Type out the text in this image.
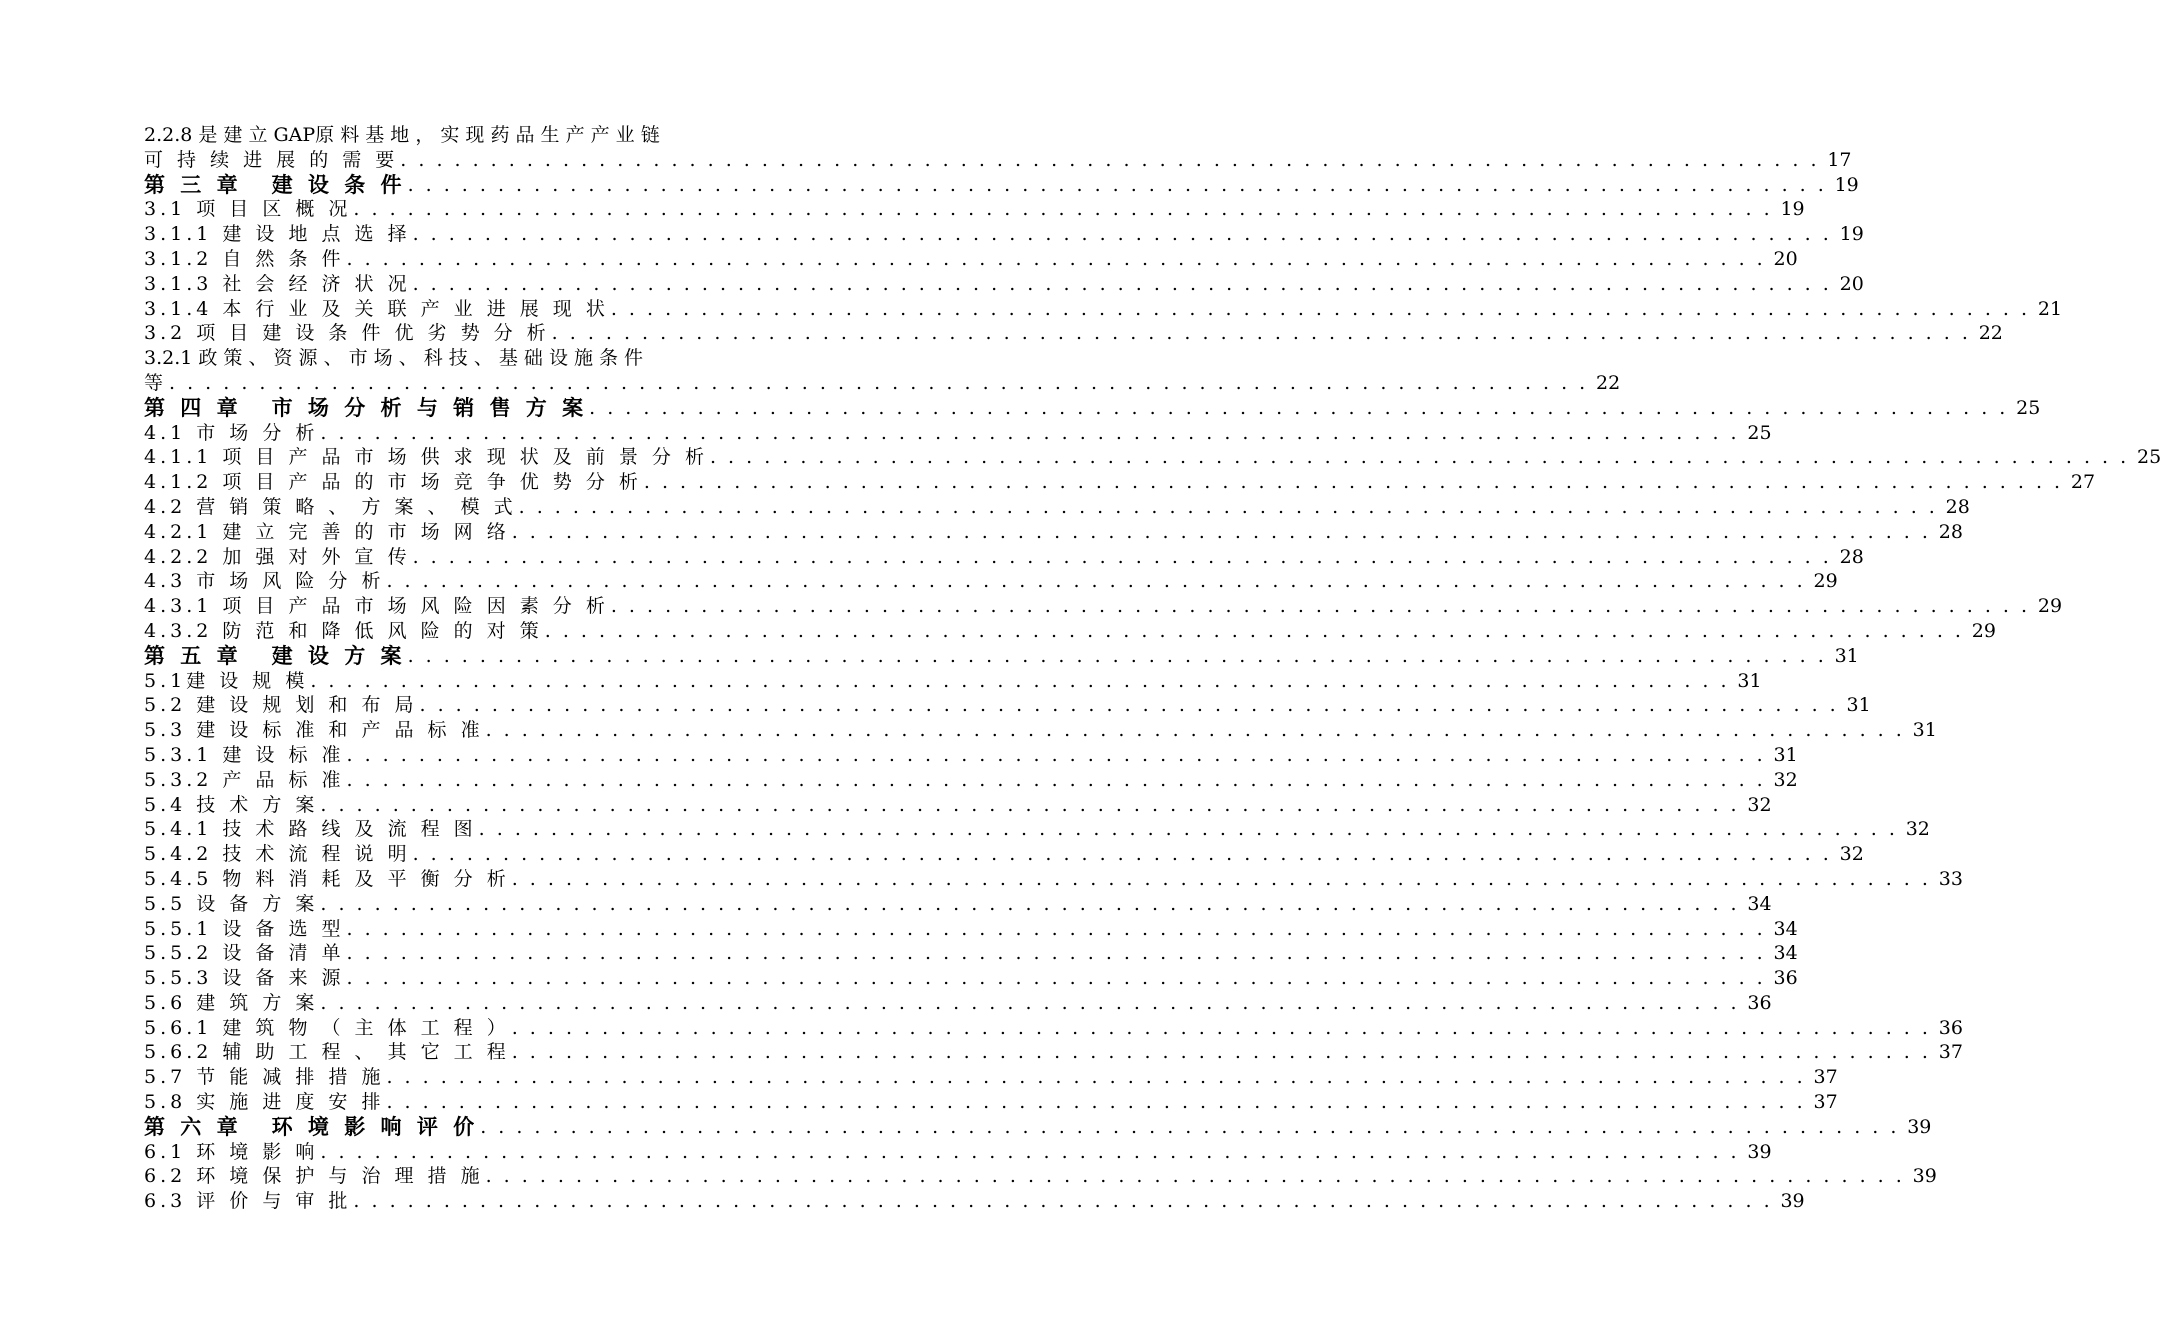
2.2.8 是 建 立 GAP原 料 基 地 ， 实 现 药 品 生 产 产 业 链
可 持 续 进 展 的 需 要 . . . . . . . . . . . . . . . . . . . . . . . . . . . . . . . . . . . . . . . . . . . . . . . . . . . . . . . . . . . . . . . . . . . . . . . . . . . . . . . 17
第 三 章 建 设 条 件 . . . . . . . . . . . . . . . . . . . . . . . . . . . . . . . . . . . . . . . . . . . . . . . . . . . . . . . . . . . . . . . . . . . . . . . . . . . . . . . 19
3.1 项 目 区 概 况 . . . . . . . . . . . . . . . . . . . . . . . . . . . . . . . . . . . . . . . . . . . . . . . . . . . . . . . . . . . . . . . . . . . . . . . . . . . . . . . 19
3.1.1 建 设 地 点 选 择 . . . . . . . . . . . . . . . . . . . . . . . . . . . . . . . . . . . . . . . . . . . . . . . . . . . . . . . . . . . . . . . . . . . . . . . . . . . . . . . 19
3.1.2 自 然 条 件 . . . . . . . . . . . . . . . . . . . . . . . . . . . . . . . . . . . . . . . . . . . . . . . . . . . . . . . . . . . . . . . . . . . . . . . . . . . . . . . 20
3.1.3 社 会 经 济 状 况 . . . . . . . . . . . . . . . . . . . . . . . . . . . . . . . . . . . . . . . . . . . . . . . . . . . . . . . . . . . . . . . . . . . . . . . . . . . . . . . 20
3.1.4 本 行 业 及 关 联 产 业 进 展 现 状 . . . . . . . . . . . . . . . . . . . . . . . . . . . . . . . . . . . . . . . . . . . . . . . . . . . . . . . . . . . . . . . . . . . . . . . . . . . . . . . 21
3.2 项 目 建 设 条 件 优 劣 势 分 析 . . . . . . . . . . . . . . . . . . . . . . . . . . . . . . . . . . . . . . . . . . . . . . . . . . . . . . . . . . . . . . . . . . . . . . . . . . . . . . . 22
3.2.1 政 策 、 资 源 、 市 场 、 科 技 、 基 础 设 施 条 件
等 . . . . . . . . . . . . . . . . . . . . . . . . . . . . . . . . . . . . . . . . . . . . . . . . . . . . . . . . . . . . . . . . . . . . . . . . . . . . . . . 22
第 四 章 市 场 分 析 与 销 售 方 案 . . . . . . . . . . . . . . . . . . . . . . . . . . . . . . . . . . . . . . . . . . . . . . . . . . . . . . . . . . . . . . . . . . . . . . . . . . . . . . . 25
4.1 市 场 分 析 . . . . . . . . . . . . . . . . . . . . . . . . . . . . . . . . . . . . . . . . . . . . . . . . . . . . . . . . . . . . . . . . . . . . . . . . . . . . . . . 25
4.1.1 项 目 产 品 市 场 供 求 现 状 及 前 景 分 析 . . . . . . . . . . . . . . . . . . . . . . . . . . . . . . . . . . . . . . . . . . . . . . . . . . . . . . . . . . . . . . . . . . . . . . . . . . . . . . . 25
4.1.2 项 目 产 品 的 市 场 竞 争 优 势 分 析 . . . . . . . . . . . . . . . . . . . . . . . . . . . . . . . . . . . . . . . . . . . . . . . . . . . . . . . . . . . . . . . . . . . . . . . . . . . . . . . 27
4.2 营 销 策 略 、 方 案 、 模 式 . . . . . . . . . . . . . . . . . . . . . . . . . . . . . . . . . . . . . . . . . . . . . . . . . . . . . . . . . . . . . . . . . . . . . . . . . . . . . . . 28
4.2.1 建 立 完 善 的 市 场 网 络 . . . . . . . . . . . . . . . . . . . . . . . . . . . . . . . . . . . . . . . . . . . . . . . . . . . . . . . . . . . . . . . . . . . . . . . . . . . . . . . 28
4.2.2 加 强 对 外 宣 传 . . . . . . . . . . . . . . . . . . . . . . . . . . . . . . . . . . . . . . . . . . . . . . . . . . . . . . . . . . . . . . . . . . . . . . . . . . . . . . . 28
4.3 市 场 风 险 分 析 . . . . . . . . . . . . . . . . . . . . . . . . . . . . . . . . . . . . . . . . . . . . . . . . . . . . . . . . . . . . . . . . . . . . . . . . . . . . . . . 29
4.3.1 项 目 产 品 市 场 风 险 因 素 分 析 . . . . . . . . . . . . . . . . . . . . . . . . . . . . . . . . . . . . . . . . . . . . . . . . . . . . . . . . . . . . . . . . . . . . . . . . . . . . . . . 29
4.3.2 防 范 和 降 低 风 险 的 对 策 . . . . . . . . . . . . . . . . . . . . . . . . . . . . . . . . . . . . . . . . . . . . . . . . . . . . . . . . . . . . . . . . . . . . . . . . . . . . . . . 29
第 五 章 建 设 方 案 . . . . . . . . . . . . . . . . . . . . . . . . . . . . . . . . . . . . . . . . . . . . . . . . . . . . . . . . . . . . . . . . . . . . . . . . . . . . . . . 31
5.1建 设 规 模 . . . . . . . . . . . . . . . . . . . . . . . . . . . . . . . . . . . . . . . . . . . . . . . . . . . . . . . . . . . . . . . . . . . . . . . . . . . . . . . 31
5.2 建 设 规 划 和 布 局 . . . . . . . . . . . . . . . . . . . . . . . . . . . . . . . . . . . . . . . . . . . . . . . . . . . . . . . . . . . . . . . . . . . . . . . . . . . . . . . 31
5.3 建 设 标 准 和 产 品 标 准 . . . . . . . . . . . . . . . . . . . . . . . . . . . . . . . . . . . . . . . . . . . . . . . . . . . . . . . . . . . . . . . . . . . . . . . . . . . . . . . 31
5.3.1 建 设 标 准 . . . . . . . . . . . . . . . . . . . . . . . . . . . . . . . . . . . . . . . . . . . . . . . . . . . . . . . . . . . . . . . . . . . . . . . . . . . . . . . 31
5.3.2 产 品 标 准 . . . . . . . . . . . . . . . . . . . . . . . . . . . . . . . . . . . . . . . . . . . . . . . . . . . . . . . . . . . . . . . . . . . . . . . . . . . . . . . 32
5.4 技 术 方 案 . . . . . . . . . . . . . . . . . . . . . . . . . . . . . . . . . . . . . . . . . . . . . . . . . . . . . . . . . . . . . . . . . . . . . . . . . . . . . . . 32
5.4.1 技 术 路 线 及 流 程 图 . . . . . . . . . . . . . . . . . . . . . . . . . . . . . . . . . . . . . . . . . . . . . . . . . . . . . . . . . . . . . . . . . . . . . . . . . . . . . . . 32
5.4.2 技 术 流 程 说 明 . . . . . . . . . . . . . . . . . . . . . . . . . . . . . . . . . . . . . . . . . . . . . . . . . . . . . . . . . . . . . . . . . . . . . . . . . . . . . . . 32
5.4.5 物 料 消 耗 及 平 衡 分 析 . . . . . . . . . . . . . . . . . . . . . . . . . . . . . . . . . . . . . . . . . . . . . . . . . . . . . . . . . . . . . . . . . . . . . . . . . . . . . . . 33
5.5 设 备 方 案 . . . . . . . . . . . . . . . . . . . . . . . . . . . . . . . . . . . . . . . . . . . . . . . . . . . . . . . . . . . . . . . . . . . . . . . . . . . . . . . 34
5.5.1 设 备 选 型 . . . . . . . . . . . . . . . . . . . . . . . . . . . . . . . . . . . . . . . . . . . . . . . . . . . . . . . . . . . . . . . . . . . . . . . . . . . . . . . 34
5.5.2 设 备 清 单 . . . . . . . . . . . . . . . . . . . . . . . . . . . . . . . . . . . . . . . . . . . . . . . . . . . . . . . . . . . . . . . . . . . . . . . . . . . . . . . 34
5.5.3 设 备 来 源 . . . . . . . . . . . . . . . . . . . . . . . . . . . . . . . . . . . . . . . . . . . . . . . . . . . . . . . . . . . . . . . . . . . . . . . . . . . . . . . 36
5.6 建 筑 方 案 . . . . . . . . . . . . . . . . . . . . . . . . . . . . . . . . . . . . . . . . . . . . . . . . . . . . . . . . . . . . . . . . . . . . . . . . . . . . . . . 36
5.6.1 建 筑 物 （ 主 体 工 程 ） . . . . . . . . . . . . . . . . . . . . . . . . . . . . . . . . . . . . . . . . . . . . . . . . . . . . . . . . . . . . . . . . . . . . . . . . . . . . . . . 36
5.6.2 辅 助 工 程 、 其 它 工 程 . . . . . . . . . . . . . . . . . . . . . . . . . . . . . . . . . . . . . . . . . . . . . . . . . . . . . . . . . . . . . . . . . . . . . . . . . . . . . . . 37
5.7 节 能 减 排 措 施 . . . . . . . . . . . . . . . . . . . . . . . . . . . . . . . . . . . . . . . . . . . . . . . . . . . . . . . . . . . . . . . . . . . . . . . . . . . . . . . 37
5.8 实 施 进 度 安 排 . . . . . . . . . . . . . . . . . . . . . . . . . . . . . . . . . . . . . . . . . . . . . . . . . . . . . . . . . . . . . . . . . . . . . . . . . . . . . . . 37
第 六 章 环 境 影 响 评 价 . . . . . . . . . . . . . . . . . . . . . . . . . . . . . . . . . . . . . . . . . . . . . . . . . . . . . . . . . . . . . . . . . . . . . . . . . . . . . . . 39
6.1 环 境 影 响 . . . . . . . . . . . . . . . . . . . . . . . . . . . . . . . . . . . . . . . . . . . . . . . . . . . . . . . . . . . . . . . . . . . . . . . . . . . . . . . 39
6.2 环 境 保 护 与 治 理 措 施 . . . . . . . . . . . . . . . . . . . . . . . . . . . . . . . . . . . . . . . . . . . . . . . . . . . . . . . . . . . . . . . . . . . . . . . . . . . . . . . 39
6.3 评 价 与 审 批 . . . . . . . . . . . . . . . . . . . . . . . . . . . . . . . . . . . . . . . . . . . . . . . . . . . . . . . . . . . . . . . . . . . . . . . . . . . . . . . 39
